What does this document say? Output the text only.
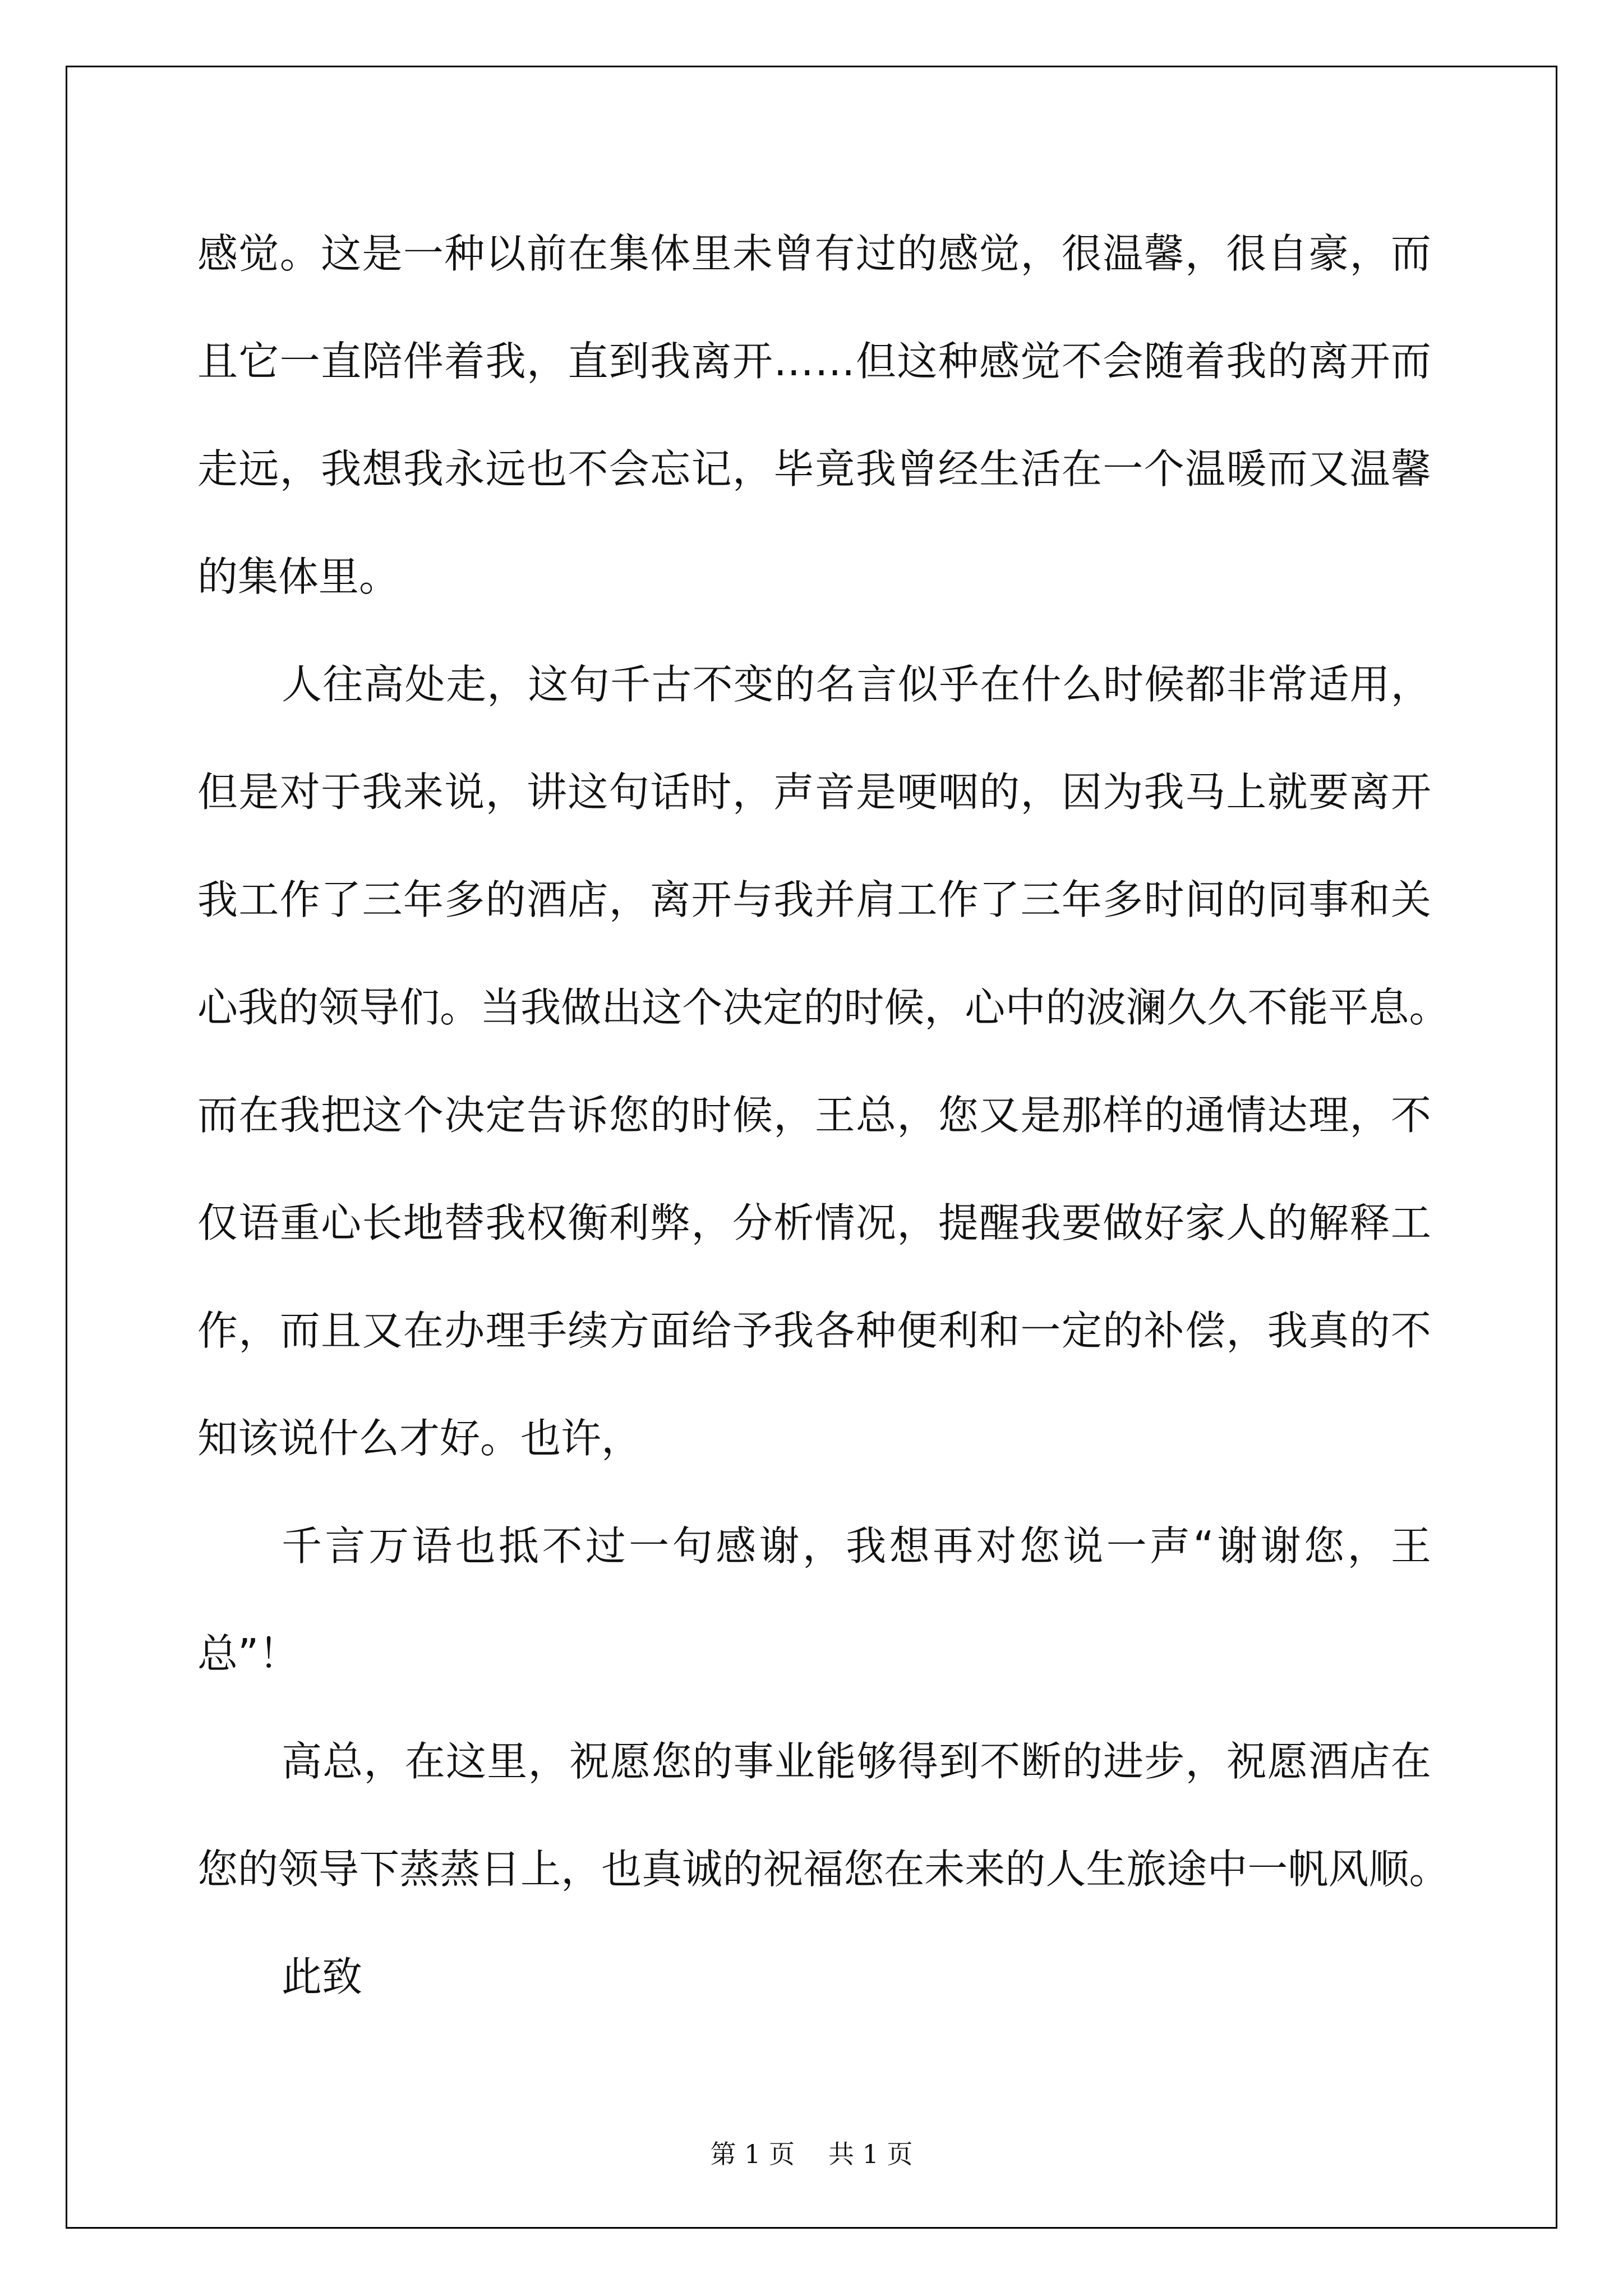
感 觉 。 这 是 一 种 以 前 在 集 体 里 未 曾 有 过 的 感 觉 ， 很 温 馨 ， 很 自 豪 ， 而
且 它 一 直 陪 伴 着 我 ， 直 到 我 离 开 … … 但 这 种 感 觉 不 会 随 着 我 的 离 开 而
走 远 ， 我 想 我 永 远 也 不 会 忘 记 ， 毕 竟 我 曾 经 生 活 在 一 个 温 暖 而 又 温 馨
的集体里。
人 往 高 处 走 ， 这 句 千 古 不 变 的 名 言 似 乎 在 什 么 时 候 都 非 常 适 用 ，
但 是 对 于 我 来 说 ， 讲 这 句 话 时 ， 声 音 是 哽 咽 的 ， 因 为 我 马 上 就 要 离 开
我 工 作 了 三 年 多 的 酒 店 ， 离 开 与 我 并 肩 工 作 了 三 年 多 时 间 的 同 事 和 关
心 我 的 领 导 们 。 当 我 做 出 这 个 决 定 的 时 候 ， 心 中 的 波 澜 久 久 不 能 平 息 。
而 在 我 把 这 个 决 定 告 诉 您 的 时 候 ， 王 总 ， 您 又 是 那 样 的 通 情 达 理 ， 不
仅 语 重 心 长 地 替 我 权 衡 利 弊 ， 分 析 情 况 ， 提 醒 我 要 做 好 家 人 的 解 释 工
作 ， 而 且 又 在 办 理 手 续 方 面 给 予 我 各 种 便 利 和 一 定 的 补 偿 ， 我 真 的 不
知该说什么才好。也许，
千 言 万 语 也 抵 不 过 一 句 感 谢 ， 我 想 再 对 您 说 一 声 “ 谢 谢 您 ， 王
总”！
高 总 ， 在 这 里 ， 祝 愿 您 的 事 业 能 够 得 到 不 断 的 进 步 ， 祝 愿 酒 店 在
您 的 领 导 下 蒸 蒸 日 上 ， 也 真 诚 的 祝 福 您 在 未 来 的 人 生 旅 途 中 一 帆 风 顺 。
此致
第 1 页 共 1 页
